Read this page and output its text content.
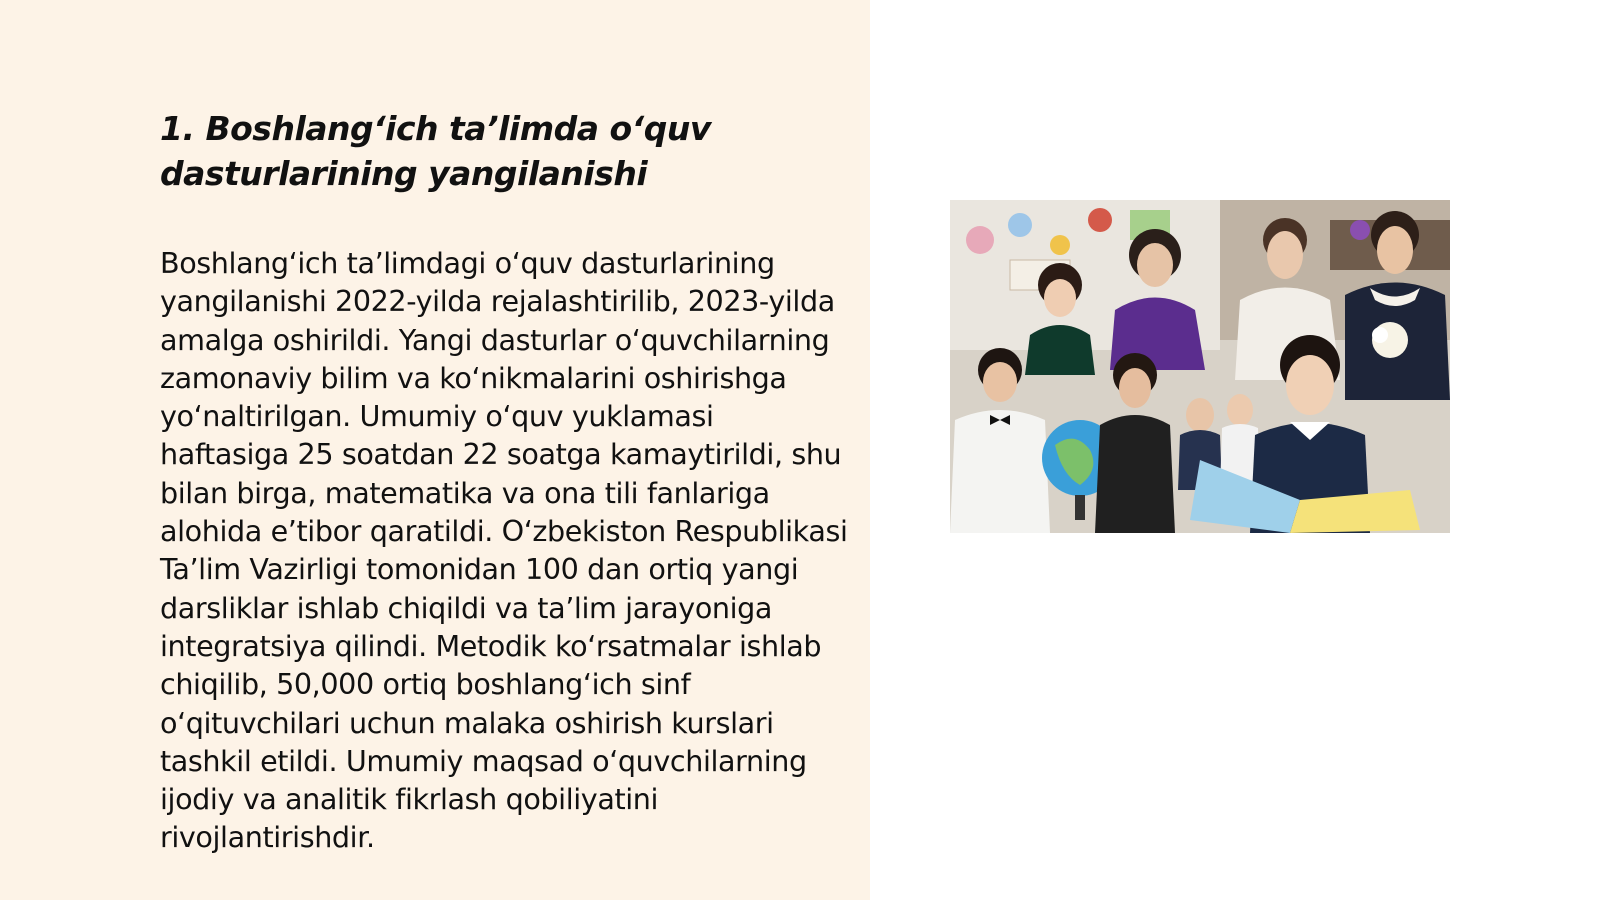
1. Boshlang‘ich ta’limda o‘quv dasturlarining yangilanishi

Boshlang‘ich ta’limdagi o‘quv dasturlarining yangilanishi 2022-yilda rejalashtirilib, 2023-yilda amalga oshirildi. Yangi dasturlar o‘quvchilarning zamonaviy bilim va ko‘nikmalarini oshirishga yo‘naltirilgan. Umumiy o‘quv yuklamasi haftasiga 25 soatdan 22 soatga kamaytirildi, shu bilan birga, matematika va ona tili fanlariga alohida e’tibor qaratildi. O‘zbekiston Respublikasi Ta’lim Vazirligi tomonidan 100 dan ortiq yangi darsliklar ishlab chiqildi va ta’lim jarayoniga integratsiya qilindi. Metodik ko‘rsatmalar ishlab chiqilib, 50,000 ortiq boshlang‘ich sinf o‘qituvchilari uchun malaka oshirish kurslari tashkil etildi. Umumiy maqsad o‘quvchilarning ijodiy va analitik fikrlash qobiliyatini rivojlantirishdir.
